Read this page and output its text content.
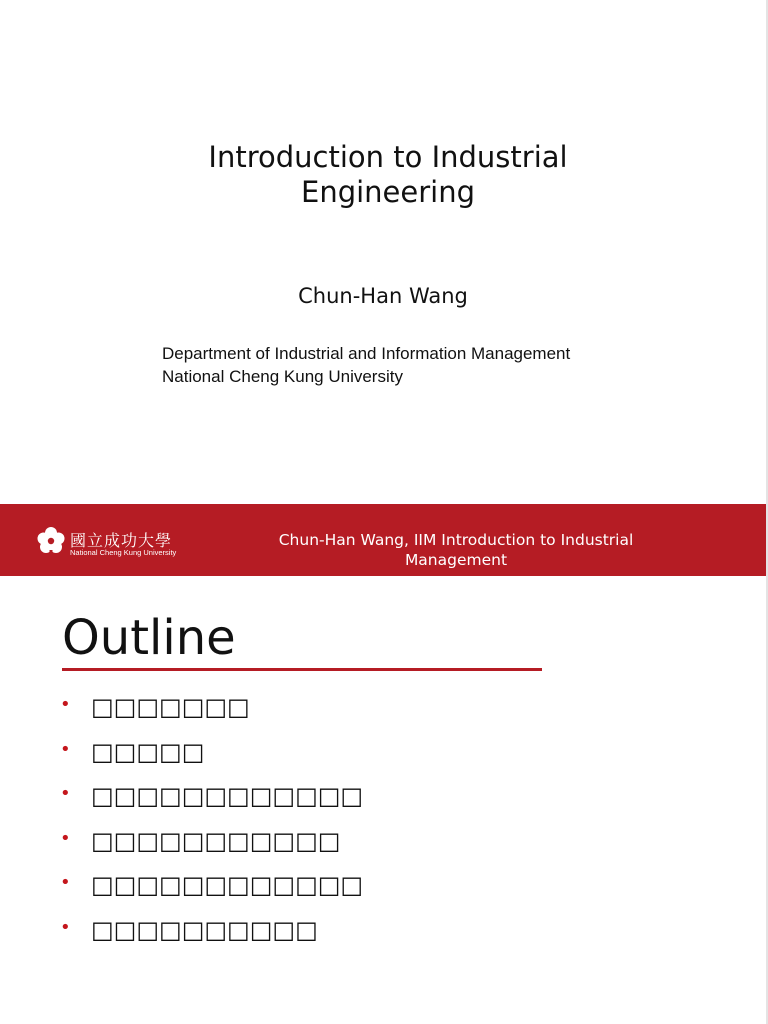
Introduction to Industrial
Engineering
Chun-Han Wang
Department of Industrial and Information Management
National Cheng Kung University
國立成功大學
National Cheng Kung University
Chun-Han Wang, IIM Introduction to Industrial
Management
Outline
• □□□□□□□
• □□□□□
• □□□□□□□□□□□□
• □□□□□□□□□□□
• □□□□□□□□□□□□
• □□□□□□□□□□
